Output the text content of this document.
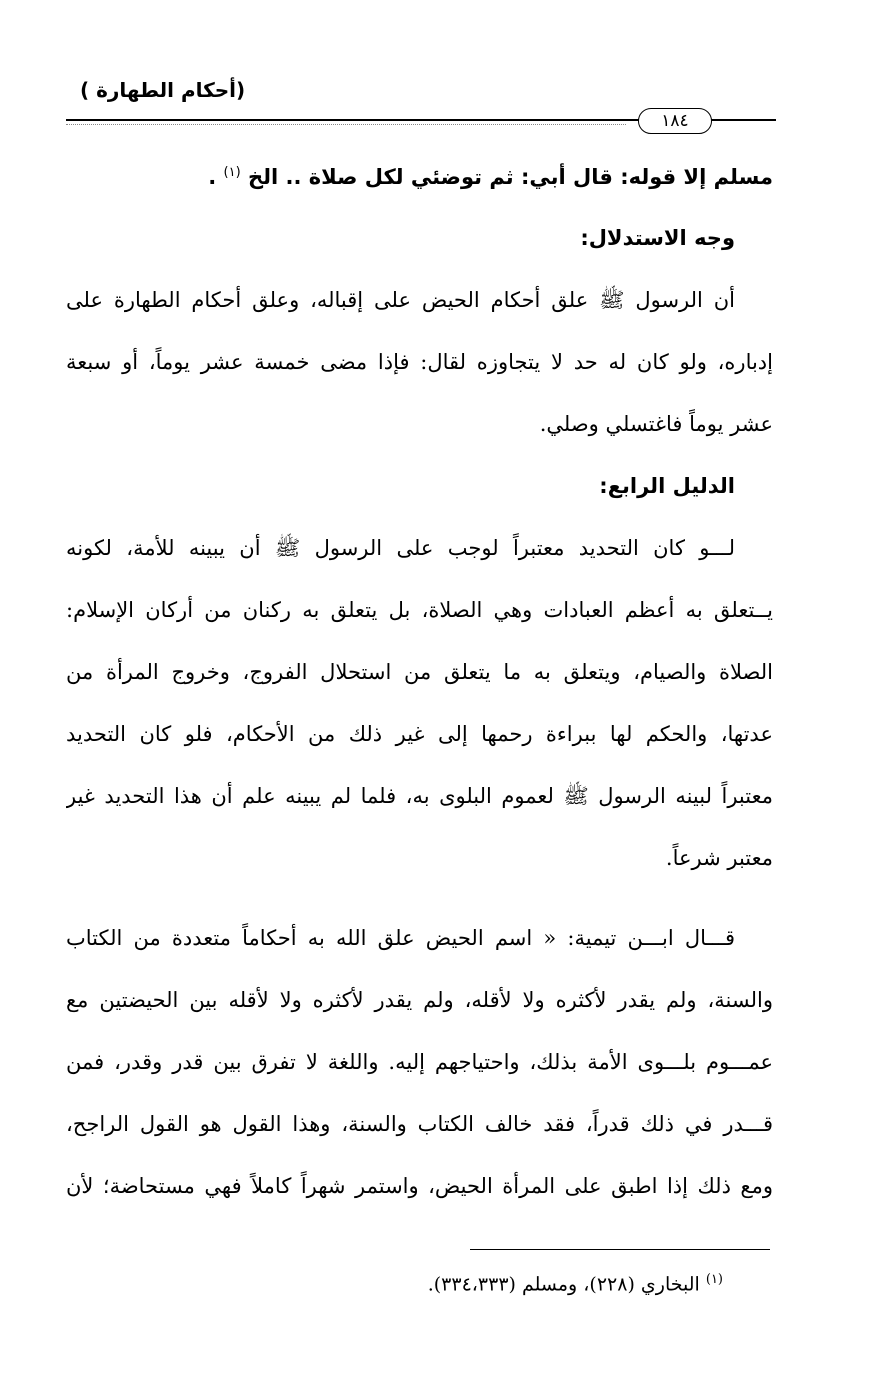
(أحكام الطهارة )
١٨٤
مسلم إلا قوله: قال أبي: ثم توضئي لكل صلاة .. الخ $^{(١)}$ .
وجه الاستدلال:
أن الرسول ﷺ علق أحكام الحيض على إقباله، وعلق أحكام الطهارة على
إدباره، ولو كان له حد لا يتجاوزه لقال: فإذا مضى خمسة عشر يوماً، أو سبعة
عشر يوماً فاغتسلي وصلي.
الدليل الرابع:
لـــو كان التحديد معتبراً لوجب على الرسول ﷺ أن يبينه للأمة، لكونه
يــتعلق به أعظم العبادات وهي الصلاة، بل يتعلق به ركنان من أركان الإسلام:
الصلاة والصيام، ويتعلق به ما يتعلق من استحلال الفروج، وخروج المرأة من
عدتها، والحكم لها ببراءة رحمها إلى غير ذلك من الأحكام، فلو كان التحديد
معتبراً لبينه الرسول ﷺ لعموم البلوى به، فلما لم يبينه علم أن هذا التحديد غير
معتبر شرعاً.
قـــال ابـــن تيمية: « اسم الحيض علق الله به أحكاماً متعددة من الكتاب
والسنة، ولم يقدر لأكثره ولا لأقله، ولم يقدر لأكثره ولا لأقله بين الحيضتين مع
عمـــوم بلـــوى الأمة بذلك، واحتياجهم إليه. واللغة لا تفرق بين قدر وقدر، فمن
قـــدر في ذلك قدراً، فقد خالف الكتاب والسنة، وهذا القول هو القول الراجح،
ومع ذلك إذا اطبق على المرأة الحيض، واستمر شهراً كاملاً فهي مستحاضة؛ لأن
$^{(١)}$ البخاري (٢٢٨)، ومسلم (٣٣٤،٣٣٣).
